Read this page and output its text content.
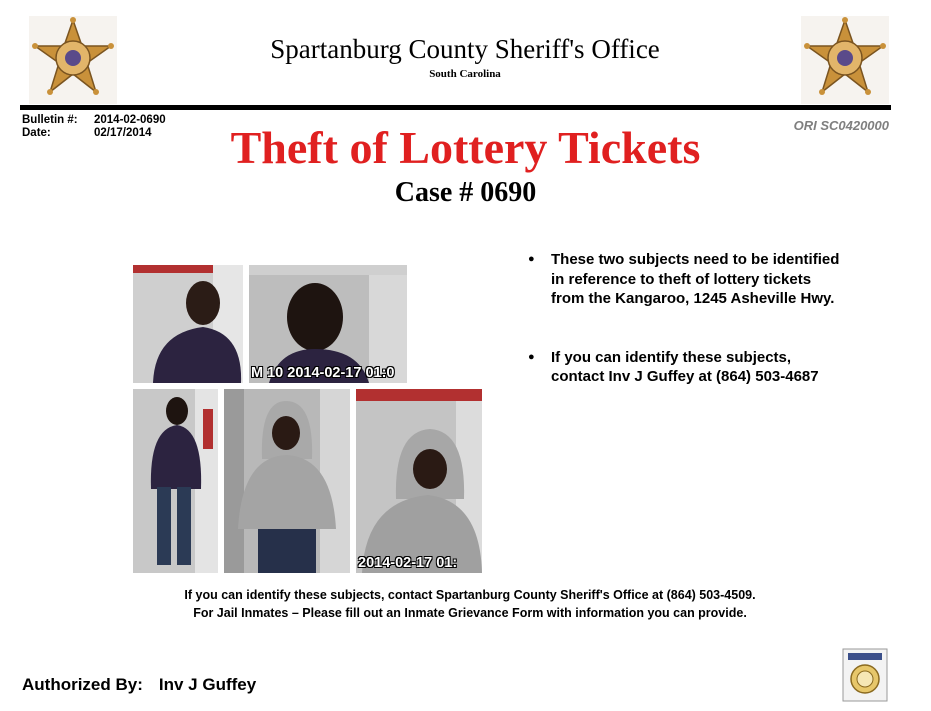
Spartanburg County Sheriff's Office
South Carolina
Bulletin #:	2014-02-0690
Date:	02/17/2014	ORI SC0420000
Theft of Lottery Tickets
Case # 0690
M 10 2014-02-17 01:0
2014-02-17 01:
●	These two subjects need to be identified in reference to theft of lottery tickets from the Kangaroo, 1245 Asheville Hwy.
●	If you can identify these subjects, contact Inv J Guffey at (864) 503-4687
If you can identify these subjects, contact Spartanburg County Sheriff's Office at (864) 503-4509.
For Jail Inmates – Please fill out an Inmate Grievance Form with information you can provide.
Authorized By: Inv J Guffey
